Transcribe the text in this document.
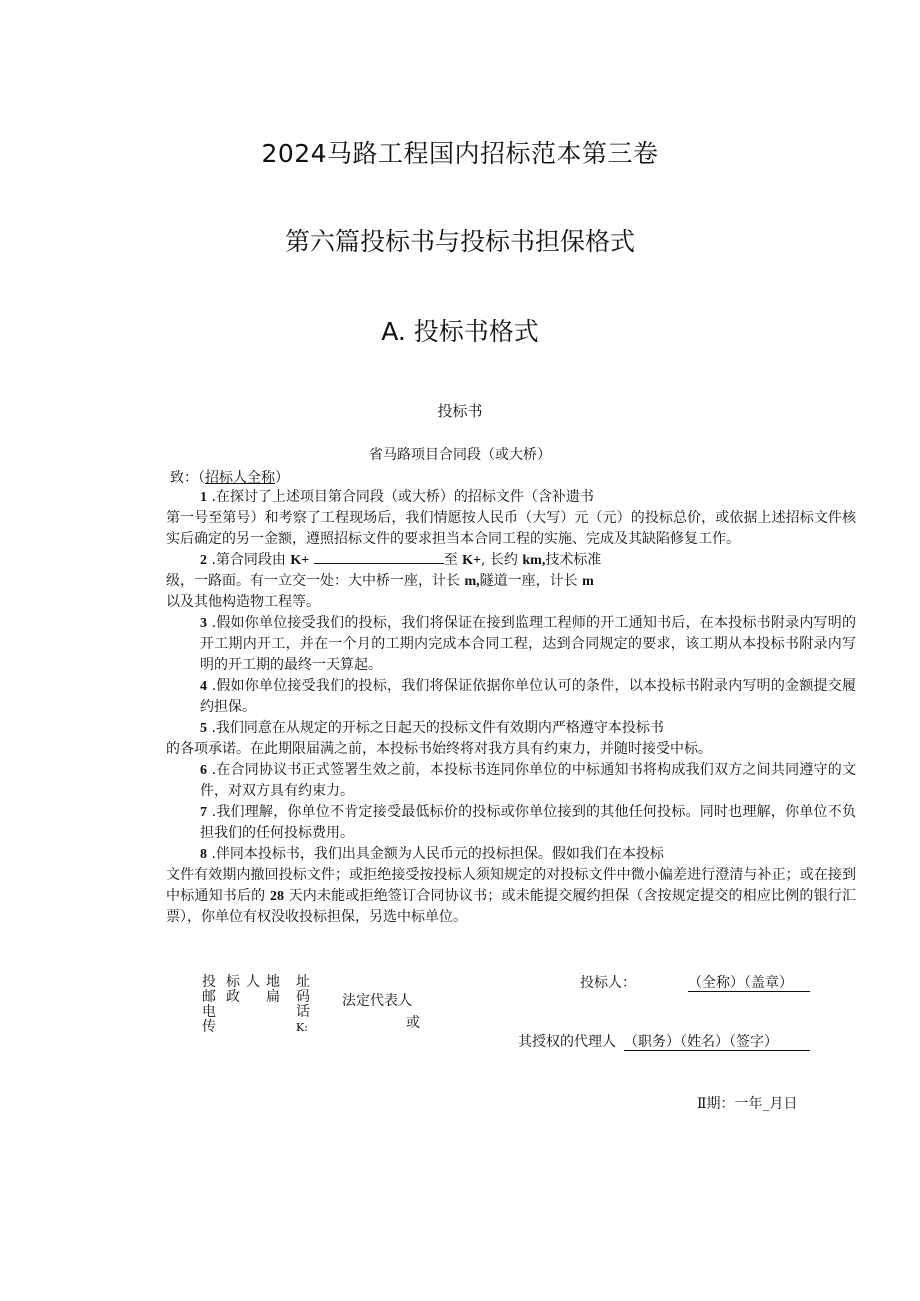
2024马路工程国内招标范本第三卷
第六篇投标书与投标书担保格式
A. 投标书格式
投标书
省马路项目合同段（或大桥）
致：（招标人全称）

1 .在探讨了上述项目第合同段（或大桥）的招标文件（含补遗书

第一号至第号）和考察了工程现场后，我们情愿按人民币（大写）元（元）的投标总价，或依据上述招标文件核实后确定的另一金额，遵照招标文件的要求担当本合同工程的实施、完成及其缺陷修复工作。

2 .第合同段由 K+	至 K+, 长约 km,技术标准

级，一路面。有一立交一处：大中桥一座，计长 m,隧道一座，计长 m

以及其他构造物工程等。

3 .假如你单位接受我们的投标，我们将保证在接到监理工程师的开工通知书后，在本投标书附录内写明的开工期内开工，并在一个月的工期内完成本合同工程，达到合同规定的要求，该工期从本投标书附录内写明的开工期的最终一天算起。

4 .假如你单位接受我们的投标，我们将保证依据你单位认可的条件，以本投标书附录内写明的金额提交履约担保。

5 .我们同意在从规定的开标之日起天的投标文件有效期内严格遵守本投标书

的各项承诺。在此期限届满之前，本投标书始终将对我方具有约束力，并随时接受中标。

6 .在合同协议书正式签署生效之前，本投标书连同你单位的中标通知书将构成我们双方之间共同遵守的文件，对双方具有约束力。

7 .我们理解，你单位不肯定接受最低标价的投标或你单位接到的其他任何投标。同时也理解，你单位不负担我们的任何投标费用。

8 .伴同本投标书，我们出具金额为人民币元的投标担保。假如我们在本投标

文件有效期内撤回投标文件；或拒绝接受按投标人须知规定的对投标文件中微小偏差进行澄清与补正；或在接到中标通知书后的 28 天内未能或拒绝签订合同协议书；或未能提交履约担保（含按规定提交的相应比例的银行汇票），你单位有权没收投标担保，另选中标单位。

投邮电传
标政
人 地扁
址码话K:
法定代表人
或
投标人：	（全称）（盖章）
其授权的代理人 （职务）（姓名）（签字）
Ⅱ期：一年_月日
